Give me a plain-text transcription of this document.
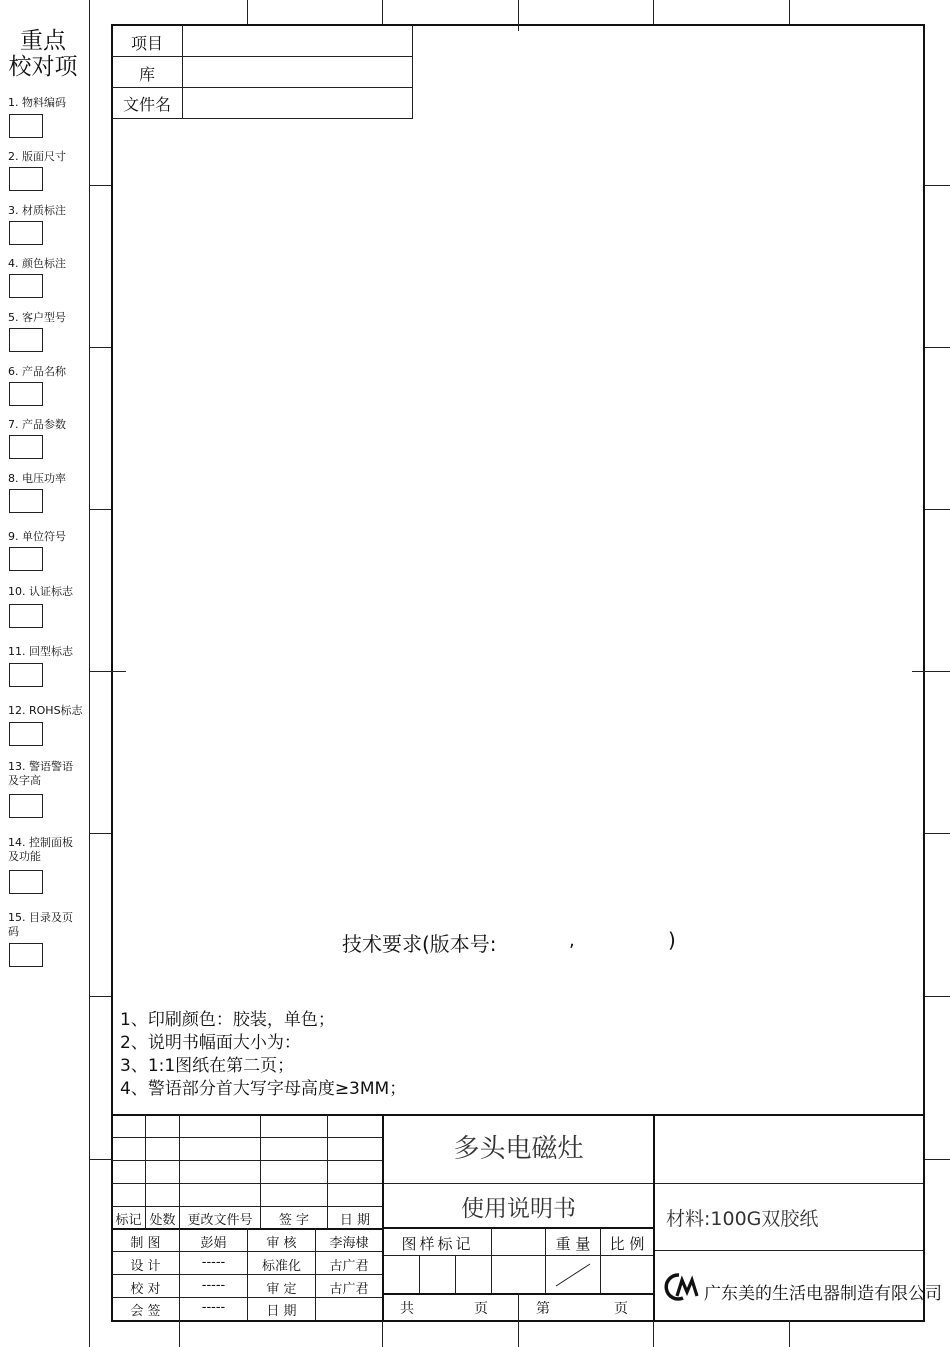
重点
校对项
1. 物料编码
2. 版面尺寸
3. 材质标注
4. 颜色标注
5. 客户型号
6. 产品名称
7. 产品参数
8. 电压功率
9. 单位符号
10. 认证标志
11. 回型标志
12. ROHS标志
13. 警语警语及字高
14. 控制面板及功能
15. 目录及页码
项目
库
文件名
技术要求(版本号:	,	)
1、印刷颜色：胶装，单色；
2、说明书幅面大小为：
3、1:1图纸在第二页；
4、警语部分首大写字母高度≥3MM；
标记 处数 更改文件号	签 字	日 期
制 图	彭娟	审 核	李海棣
设 计	-----	标准化	古广君
校 对	-----	审 定	古广君
会 签	-----	日 期
多头电磁灶
使用说明书
图样标记	重 量	比 例
共	页	第	页
材料:100G双胶纸
广东美的生活电器制造有限公司
